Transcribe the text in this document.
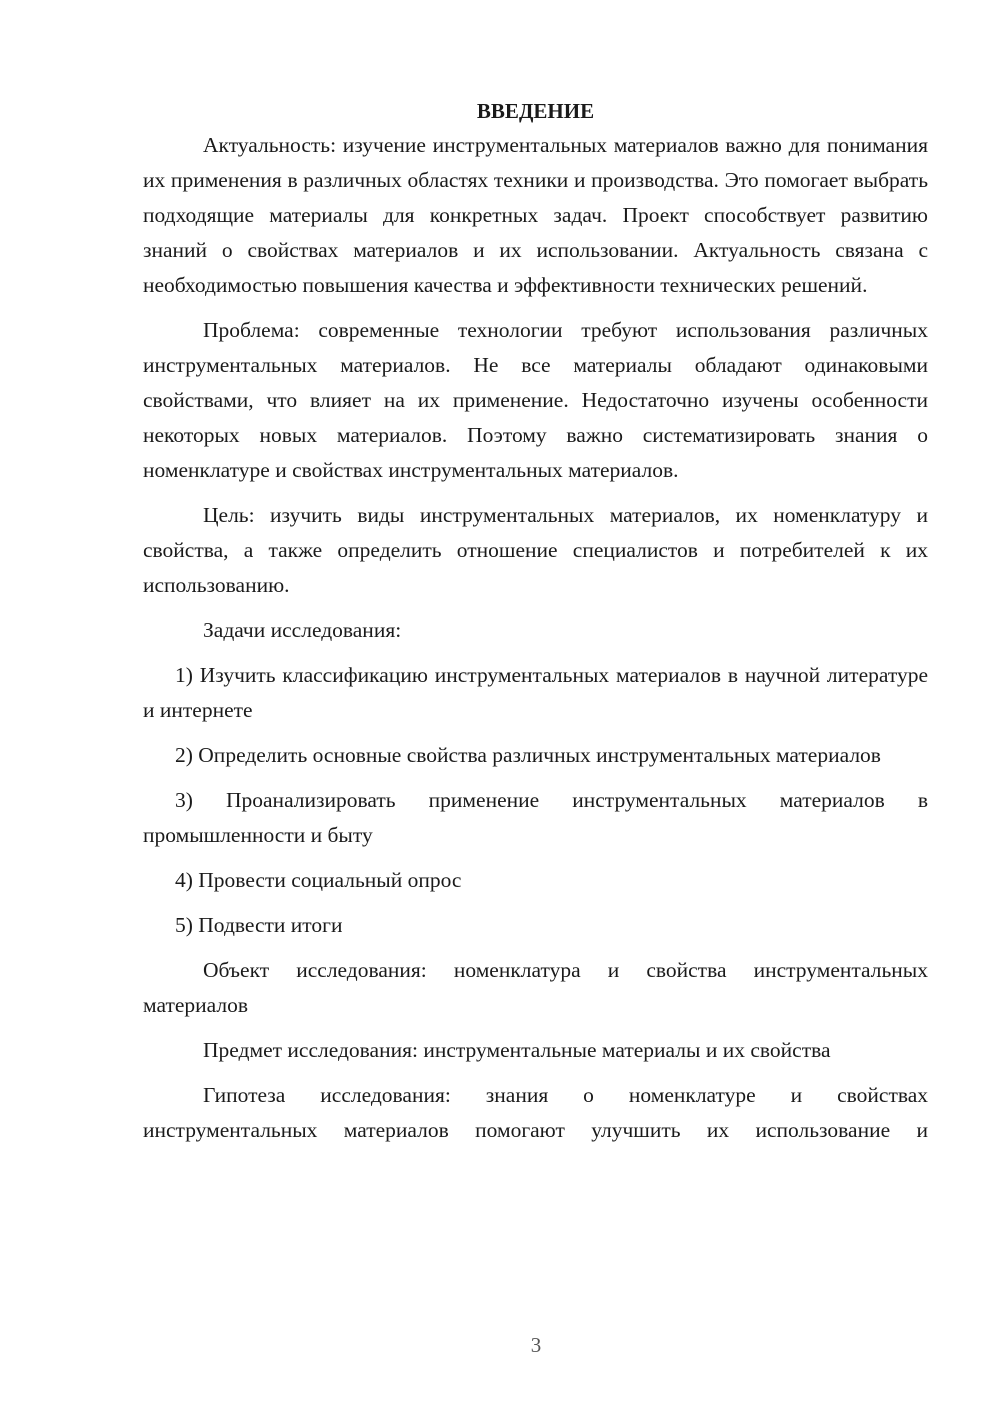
ВВЕДЕНИЕ

Актуальность: изучение инструментальных материалов важно для понимания их применения в различных областях техники и производства. Это помогает выбрать подходящие материалы для конкретных задач. Проект способствует развитию знаний о свойствах материалов и их использовании. Актуальность связана с необходимостью повышения качества и эффективности технических решений.

Проблема: современные технологии требуют использования различных инструментальных материалов. Не все материалы обладают одинаковыми свойствами, что влияет на их применение. Недостаточно изучены особенности некоторых новых материалов. Поэтому важно систематизировать знания о номенклатуре и свойствах инструментальных материалов.

Цель: изучить виды инструментальных материалов, их номенклатуру и свойства, а также определить отношение специалистов и потребителей к их использованию.

Задачи исследования:

1) Изучить классификацию инструментальных материалов в научной литературе и интернете

2) Определить основные свойства различных инструментальных материалов

3) Проанализировать применение инструментальных материалов в промышленности и быту

4) Провести социальный опрос

5) Подвести итоги

Объект исследования: номенклатура и свойства инструментальных материалов

Предмет исследования: инструментальные материалы и их свойства

Гипотеза исследования: знания о номенклатуре и свойствах инструментальных материалов помогают улучшить их использование и

3
